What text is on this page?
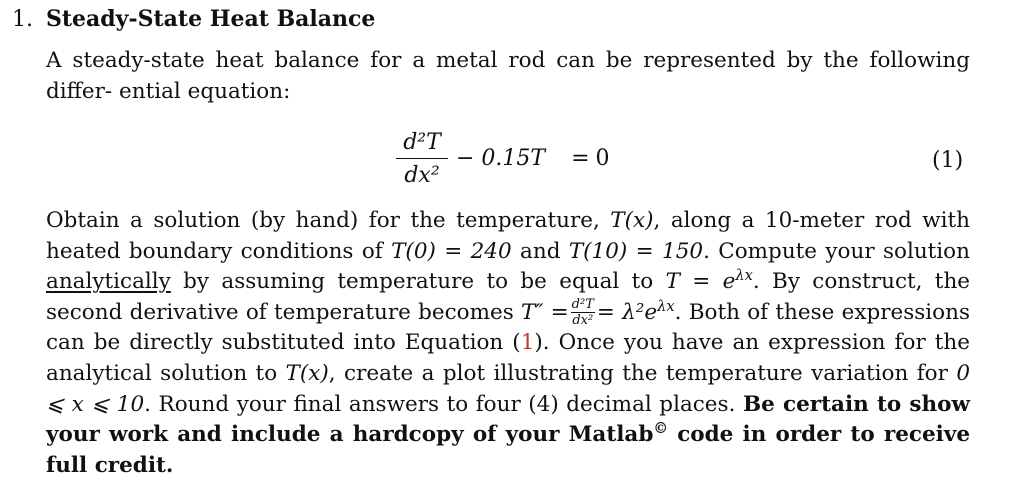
1. Steady-State Heat Balance
A steady-state heat balance for a metal rod can be represented by the following differ- ential equation:
$\frac{\text{d²T}}{\text{dx²}} - 0.15T = 0$	(1)
Obtain a solution (by hand) for the temperature, T(x), along a 10-meter rod with heated boundary conditions of T(0) = 240 and T(10) = 150. Compute your solution analytically by assuming temperature to be equal to $T = e^{\lambda x}$. By construct, the second derivative of temperature becomes $T'' = \frac{\text{d²T}}{\text{dx²}} = \lambda^2e^{\lambda x}$. Both of these expressions can be directly substituted into Equation (1). Once you have an expression for the analytical solution to T(x), create a plot illustrating the temperature variation for 0 ⩽ x ⩽ 10. Round your final answers to four (4) decimal places. Be certain to show your work and include a hardcopy of your Matlab© code in order to receive full credit.
